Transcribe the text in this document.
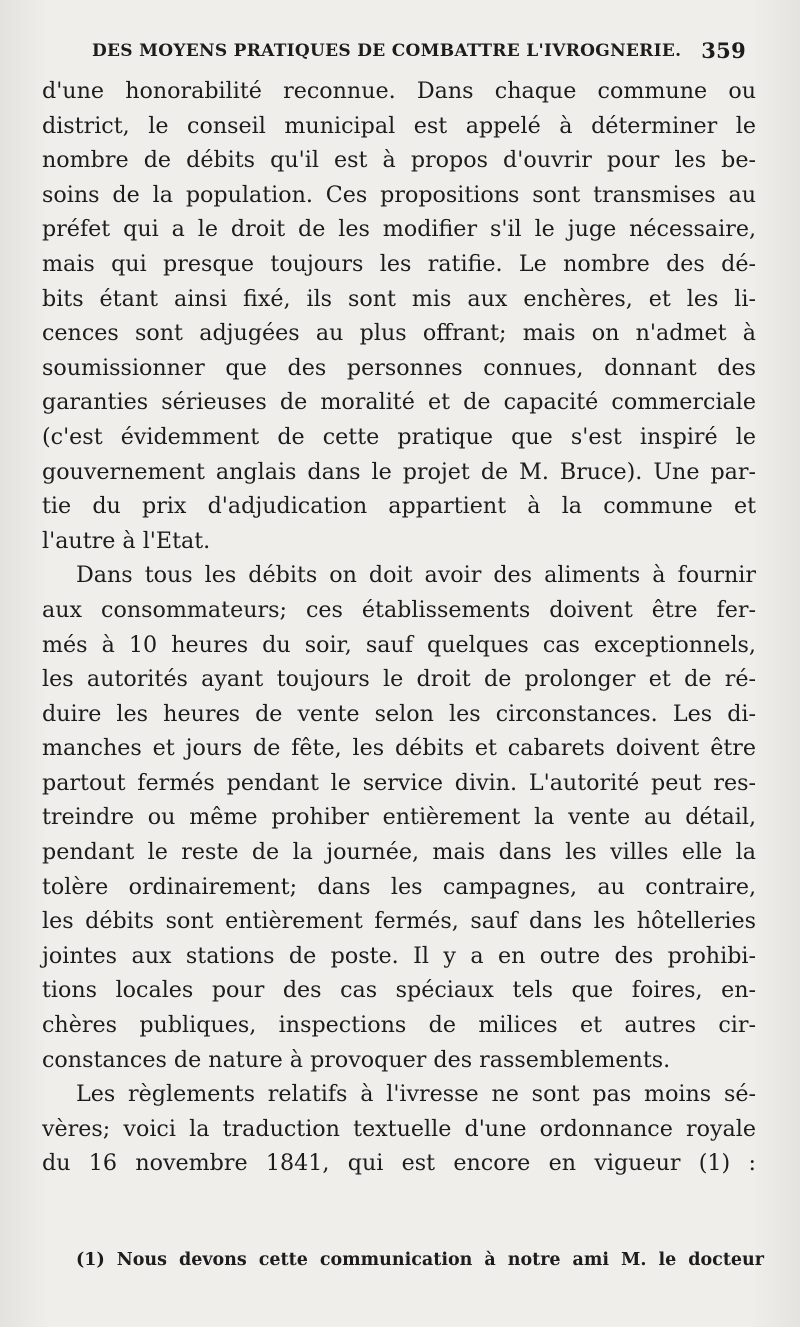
DES MOYENS PRATIQUES DE COMBATTRE L'IVROGNERIE. 359
d'une honorabilité reconnue. Dans chaque commune ou
district, le conseil municipal est appelé à déterminer le
nombre de débits qu'il est à propos d'ouvrir pour les be-
soins de la population. Ces propositions sont transmises au
préfet qui a le droit de les modifier s'il le juge nécessaire,
mais qui presque toujours les ratifie. Le nombre des dé-
bits étant ainsi fixé, ils sont mis aux enchères, et les li-
cences sont adjugées au plus offrant; mais on n'admet à
soumissionner que des personnes connues, donnant des
garanties sérieuses de moralité et de capacité commerciale
(c'est évidemment de cette pratique que s'est inspiré le
gouvernement anglais dans le projet de M. Bruce). Une par-
tie du prix d'adjudication appartient à la commune et
l'autre à l'Etat.
Dans tous les débits on doit avoir des aliments à fournir
aux consommateurs; ces établissements doivent être fer-
més à 10 heures du soir, sauf quelques cas exceptionnels,
les autorités ayant toujours le droit de prolonger et de ré-
duire les heures de vente selon les circonstances. Les di-
manches et jours de fête, les débits et cabarets doivent être
partout fermés pendant le service divin. L'autorité peut res-
treindre ou même prohiber entièrement la vente au détail,
pendant le reste de la journée, mais dans les villes elle la
tolère ordinairement; dans les campagnes, au contraire,
les débits sont entièrement fermés, sauf dans les hôtelleries
jointes aux stations de poste. Il y a en outre des prohibi-
tions locales pour des cas spéciaux tels que foires, en-
chères publiques, inspections de milices et autres cir-
constances de nature à provoquer des rassemblements.
Les règlements relatifs à l'ivresse ne sont pas moins sé-
vères; voici la traduction textuelle d'une ordonnance royale
du 16 novembre 1841, qui est encore en vigueur (1) :
(1) Nous devons cette communication à notre ami M. le docteur
